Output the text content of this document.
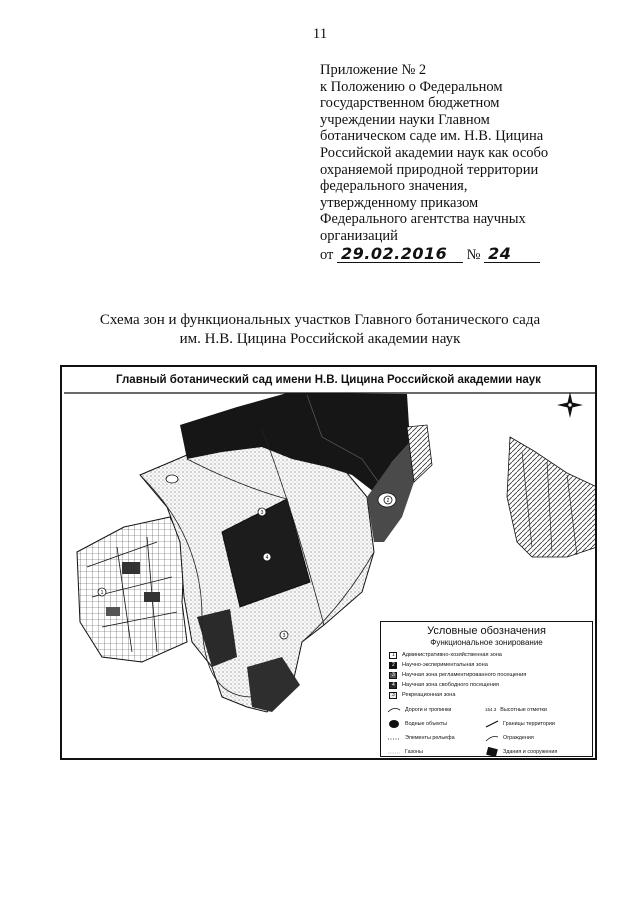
11
Приложение № 2
к Положению о Федеральном
государственном бюджетном
учреждении науки Главном
ботаническом саде им. Н.В. Цицина
Российской академии наук как особо
охраняемой природной территории
федерального значения,
утвержденному приказом
Федерального агентства научных
организаций
от 29.02.2016 № 24
Схема зон и функциональных участков Главного ботанического сада
им. Н.В. Цицина Российской академии наук
1
4
3
3
2
Главный ботанический сад имени Н.В. Цицина Российской академии наук
Условные обозначения
Функциональное зонирование
1 Административно-хозяйственная зона
2 Научно-экспериментальная зона
3 Научная зона регламентированного посещения
4 Научная зона свободного посещения
3 Рекреационная зона
Дороги и тропинки	154.3 Высотные отметки
Водные объекты	Границы территории
Элементы рельефа	Ограждения
Газоны	Здания и сооружения
